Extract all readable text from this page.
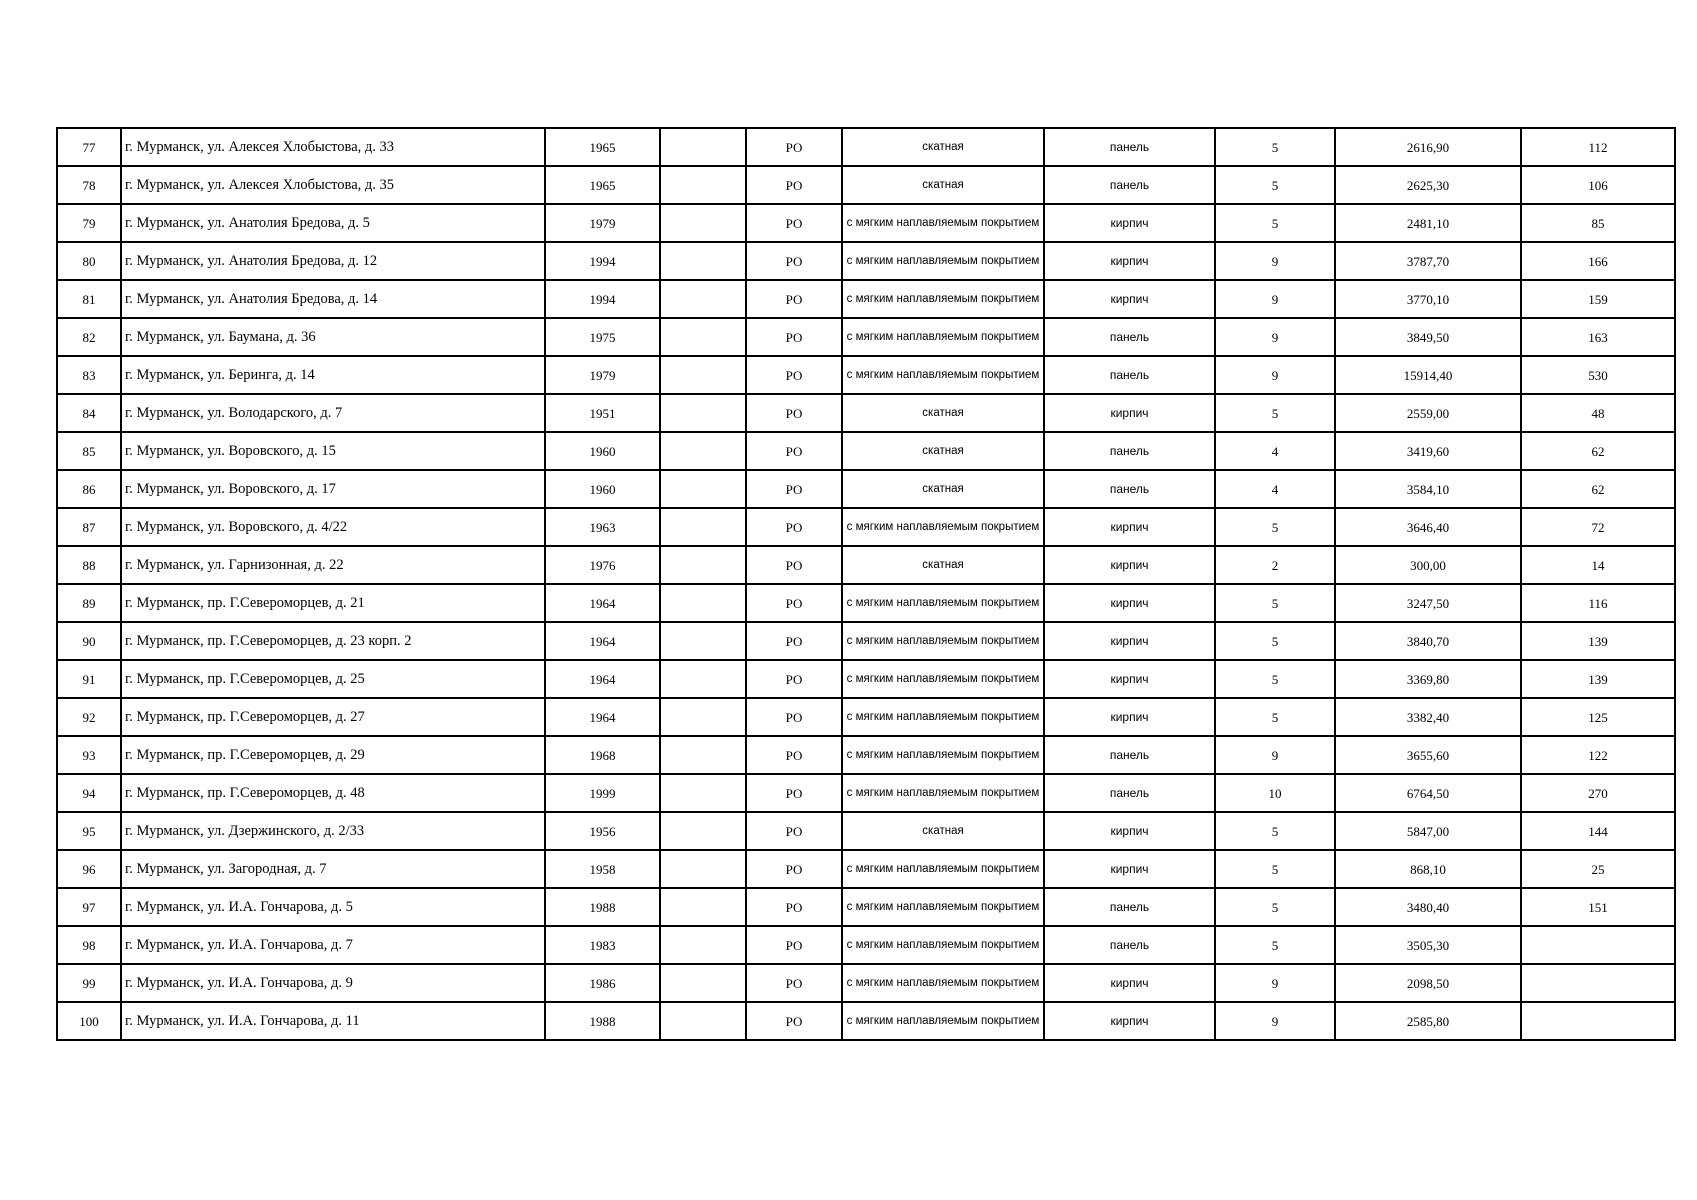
77	г. Мурманск, ул. Алексея Хлобыстова, д. 33	1965		РО	скатная	панель	5	2616,90	112
78	г. Мурманск, ул. Алексея Хлобыстова, д. 35	1965		РО	скатная	панель	5	2625,30	106
79	г. Мурманск, ул. Анатолия Бредова, д. 5	1979		РО	с мягким наплавляемым покрытием	кирпич	5	2481,10	85
80	г. Мурманск, ул. Анатолия Бредова, д. 12	1994		РО	с мягким наплавляемым покрытием	кирпич	9	3787,70	166
81	г. Мурманск, ул. Анатолия Бредова, д. 14	1994		РО	с мягким наплавляемым покрытием	кирпич	9	3770,10	159
82	г. Мурманск, ул. Баумана, д. 36	1975		РО	с мягким наплавляемым покрытием	панель	9	3849,50	163
83	г. Мурманск, ул. Беринга, д. 14	1979		РО	с мягким наплавляемым покрытием	панель	9	15914,40	530
84	г. Мурманск, ул. Володарского, д. 7	1951		РО	скатная	кирпич	5	2559,00	48
85	г. Мурманск, ул. Воровского, д. 15	1960		РО	скатная	панель	4	3419,60	62
86	г. Мурманск, ул. Воровского, д. 17	1960		РО	скатная	панель	4	3584,10	62
87	г. Мурманск, ул. Воровского, д. 4/22	1963		РО	с мягким наплавляемым покрытием	кирпич	5	3646,40	72
88	г. Мурманск, ул. Гарнизонная, д. 22	1976		РО	скатная	кирпич	2	300,00	14
89	г. Мурманск, пр. Г.Североморцев, д. 21	1964		РО	с мягким наплавляемым покрытием	кирпич	5	3247,50	116
90	г. Мурманск, пр. Г.Североморцев, д. 23 корп. 2	1964		РО	с мягким наплавляемым покрытием	кирпич	5	3840,70	139
91	г. Мурманск, пр. Г.Североморцев, д. 25	1964		РО	с мягким наплавляемым покрытием	кирпич	5	3369,80	139
92	г. Мурманск, пр. Г.Североморцев, д. 27	1964		РО	с мягким наплавляемым покрытием	кирпич	5	3382,40	125
93	г. Мурманск, пр. Г.Североморцев, д. 29	1968		РО	с мягким наплавляемым покрытием	панель	9	3655,60	122
94	г. Мурманск, пр. Г.Североморцев, д. 48	1999		РО	с мягким наплавляемым покрытием	панель	10	6764,50	270
95	г. Мурманск, ул. Дзержинского, д. 2/33	1956		РО	скатная	кирпич	5	5847,00	144
96	г. Мурманск, ул. Загородная, д. 7	1958		РО	с мягким наплавляемым покрытием	кирпич	5	868,10	25
97	г. Мурманск, ул. И.А. Гончарова, д. 5	1988		РО	с мягким наплавляемым покрытием	панель	5	3480,40	151
98	г. Мурманск, ул. И.А. Гончарова, д. 7	1983		РО	с мягким наплавляемым покрытием	панель	5	3505,30	
99	г. Мурманск, ул. И.А. Гончарова, д. 9	1986		РО	с мягким наплавляемым покрытием	кирпич	9	2098,50	
100	г. Мурманск, ул. И.А. Гончарова, д. 11	1988		РО	с мягким наплавляемым покрытием	кирпич	9	2585,80	
